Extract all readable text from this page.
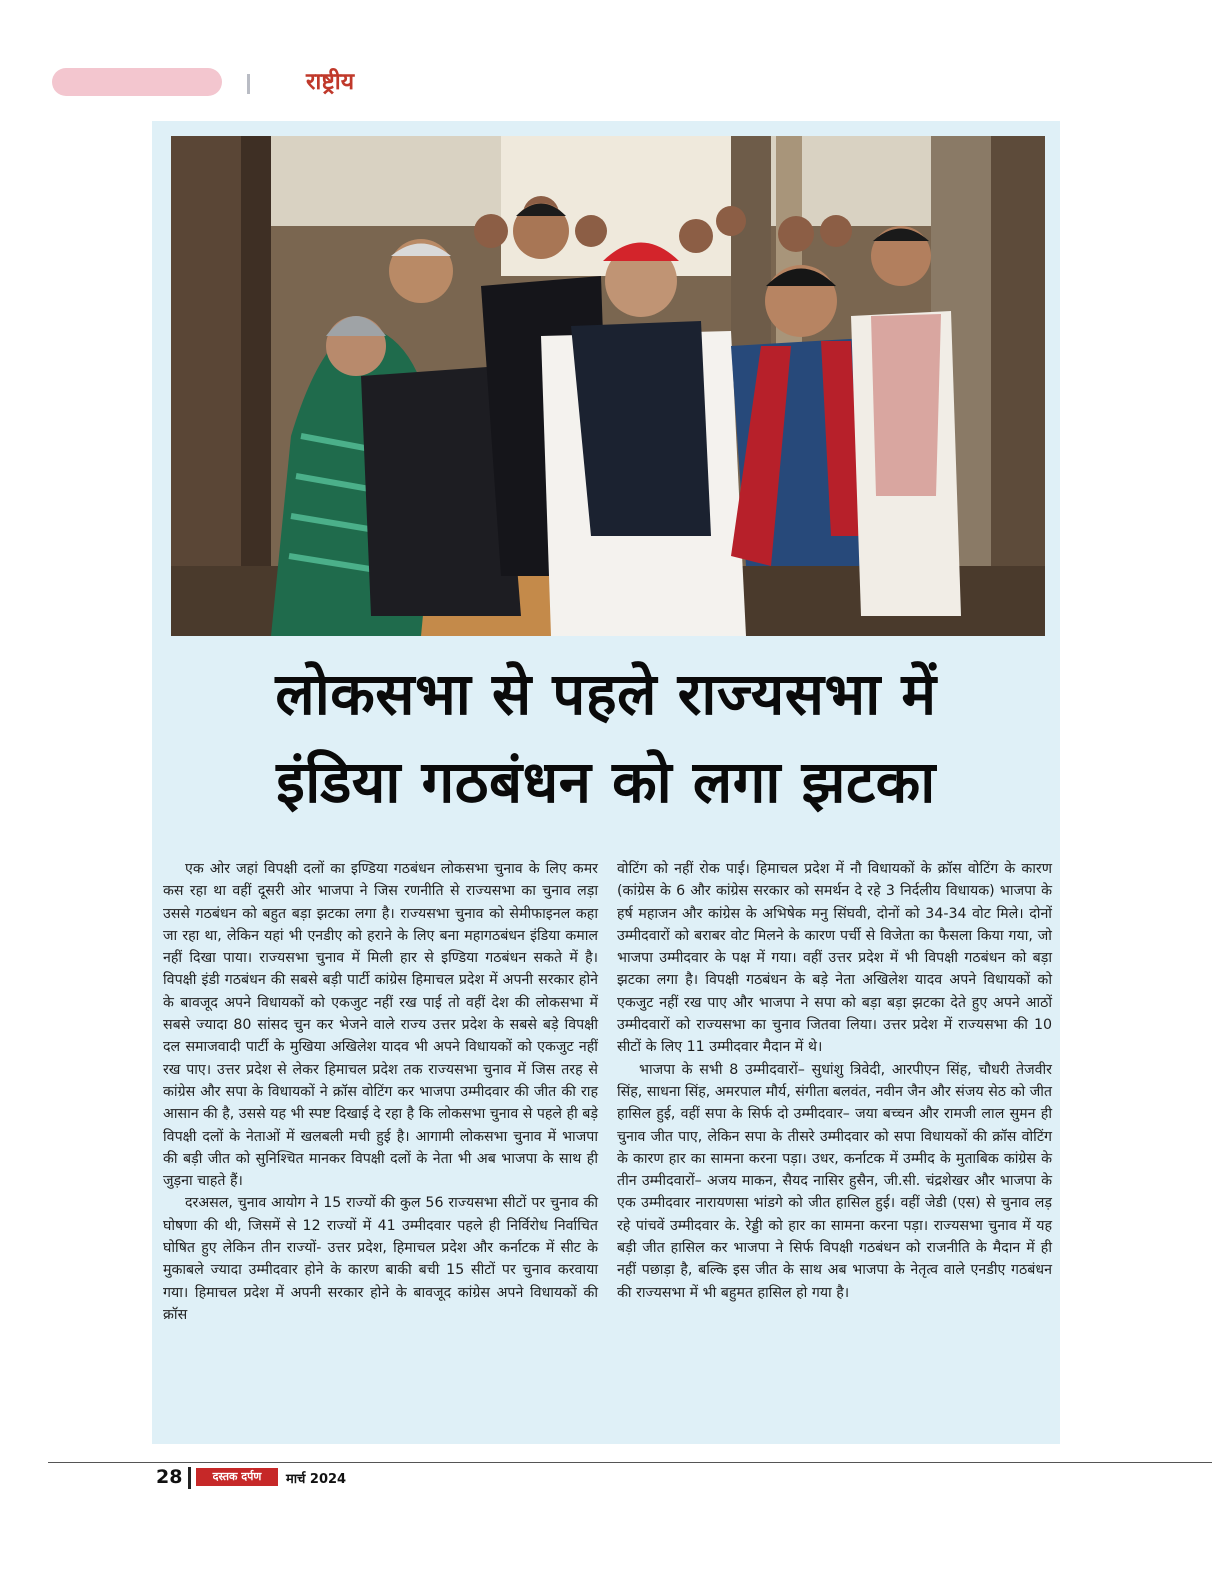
राष्ट्रीय
लोकसभा से पहले राज्यसभा में
इंडिया गठबंधन को लगा झटका

एक ओर जहां विपक्षी दलों का इण्डिया गठबंधन लोकसभा चुनाव के लिए कमर कस रहा था वहीं दूसरी ओर भाजपा ने जिस रणनीति से राज्यसभा का चुनाव लड़ा उससे गठबंधन को बहुत बड़ा झटका लगा है। राज्यसभा चुनाव को सेमीफाइनल कहा जा रहा था, लेकिन यहां भी एनडीए को हराने के लिए बना महागठबंधन इंडिया कमाल नहीं दिखा पाया। राज्यसभा चुनाव में मिली हार से इण्डिया गठबंधन सकते में है। विपक्षी इंडी गठबंधन की सबसे बड़ी पार्टी कांग्रेस हिमाचल प्रदेश में अपनी सरकार होने के बावजूद अपने विधायकों को एकजुट नहीं रख पाई तो वहीं देश की लोकसभा में सबसे ज्यादा 80 सांसद चुन कर भेजने वाले राज्य उत्तर प्रदेश के सबसे बड़े विपक्षी दल समाजवादी पार्टी के मुखिया अखिलेश यादव भी अपने विधायकों को एकजुट नहीं रख पाए। उत्तर प्रदेश से लेकर हिमाचल प्रदेश तक राज्यसभा चुनाव में जिस तरह से कांग्रेस और सपा के विधायकों ने क्रॉस वोटिंग कर भाजपा उम्मीदवार की जीत की राह आसान की है, उससे यह भी स्पष्ट दिखाई दे रहा है कि लोकसभा चुनाव से पहले ही बड़े विपक्षी दलों के नेताओं में खलबली मची हुई है। आगामी लोकसभा चुनाव में भाजपा की बड़ी जीत को सुनिश्चित मानकर विपक्षी दलों के नेता भी अब भाजपा के साथ ही जुड़ना चाहते हैं।

दरअसल, चुनाव आयोग ने 15 राज्यों की कुल 56 राज्यसभा सीटों पर चुनाव की घोषणा की थी, जिसमें से 12 राज्यों में 41 उम्मीदवार पहले ही निर्विरोध निर्वाचित घोषित हुए लेकिन तीन राज्यों- उत्तर प्रदेश, हिमाचल प्रदेश और कर्नाटक में सीट के मुकाबले ज्यादा उम्मीदवार होने के कारण बाकी बची 15 सीटों पर चुनाव करवाया गया। हिमाचल प्रदेश में अपनी सरकार होने के बावजूद कांग्रेस अपने विधायकों की क्रॉस

वोटिंग को नहीं रोक पाई। हिमाचल प्रदेश में नौ विधायकों के क्रॉस वोटिंग के कारण (कांग्रेस के 6 और कांग्रेस सरकार को समर्थन दे रहे 3 निर्दलीय विधायक) भाजपा के हर्ष महाजन और कांग्रेस के अभिषेक मनु सिंघवी, दोनों को 34-34 वोट मिले। दोनों उम्मीदवारों को बराबर वोट मिलने के कारण पर्ची से विजेता का फैसला किया गया, जो भाजपा उम्मीदवार के पक्ष में गया। वहीं उत्तर प्रदेश में भी विपक्षी गठबंधन को बड़ा झटका लगा है। विपक्षी गठबंधन के बड़े नेता अखिलेश यादव अपने विधायकों को एकजुट नहीं रख पाए और भाजपा ने सपा को बड़ा बड़ा झटका देते हुए अपने आठों उम्मीदवारों को राज्यसभा का चुनाव जितवा लिया। उत्तर प्रदेश में राज्यसभा की 10 सीटों के लिए 11 उम्मीदवार मैदान में थे।

भाजपा के सभी 8 उम्मीदवारों– सुधांशु त्रिवेदी, आरपीएन सिंह, चौधरी तेजवीर सिंह, साधना सिंह, अमरपाल मौर्य, संगीता बलवंत, नवीन जैन और संजय सेठ को जीत हासिल हुई, वहीं सपा के सिर्फ दो उम्मीदवार– जया बच्चन और रामजी लाल सुमन ही चुनाव जीत पाए, लेकिन सपा के तीसरे उम्मीदवार को सपा विधायकों की क्रॉस वोटिंग के कारण हार का सामना करना पड़ा। उधर, कर्नाटक में उम्मीद के मुताबिक कांग्रेस के तीन उम्मीदवारों– अजय माकन, सैयद नासिर हुसैन, जी.सी. चंद्रशेखर और भाजपा के एक उम्मीदवार नारायणसा भांडगे को जीत हासिल हुई। वहीं जेडी (एस) से चुनाव लड़ रहे पांचवें उम्मीदवार के. रेड्डी को हार का सामना करना पड़ा। राज्यसभा चुनाव में यह बड़ी जीत हासिल कर भाजपा ने सिर्फ विपक्षी गठबंधन को राजनीति के मैदान में ही नहीं पछाड़ा है, बल्कि इस जीत के साथ अब भाजपा के नेतृत्व वाले एनडीए गठबंधन की राज्यसभा में भी बहुमत हासिल हो गया है।

28	दस्तक दर्पण	मार्च 2024
